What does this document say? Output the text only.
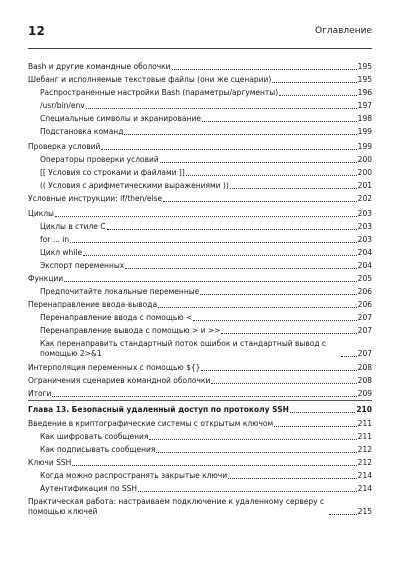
12	Оглавление
Bash и другие командные оболочки	195
Шебанг и исполняемые текстовые файлы (они же сценарии)	195
Распространенные настройки Bash (параметры/аргументы)	196
/usr/bin/env	197
Специальные символы и экранирование	198
Подстановка команд	199
Проверка условий	199
Операторы проверки условий	200
[[ Условия со строками и файлами ]]	200
(( Условия с арифметическими выражениями ))	201
Условные инструкции: if/then/else	202
Циклы	203
Циклы в стиле C	203
for ... in	203
Цикл while	204
Экспорт переменных	204
Функции	205
Предпочитайте локальные переменные	206
Перенаправление ввода-вывода	206
Перенаправление ввода с помощью <	207
Перенаправление вывода с помощью > и >>	207
Как перенаправить стандартный поток ошибок и стандартный вывод с помощью 2>&1	207
Интерполяция переменных с помощью ${}	208
Ограничения сценариев командной оболочки	208
Итоги	209
Глава 13. Безопасный удаленный доступ по протоколу SSH	210
Введение в криптографические системы с открытым ключом	211
Как шифровать сообщения	211
Как подписывать сообщения	212
Ключи SSH	212
Когда можно распространять закрытые ключи	214
Аутентификация по SSH	214
Практическая работа: настраиваем подключение к удаленному серверу с помощью ключей	215
